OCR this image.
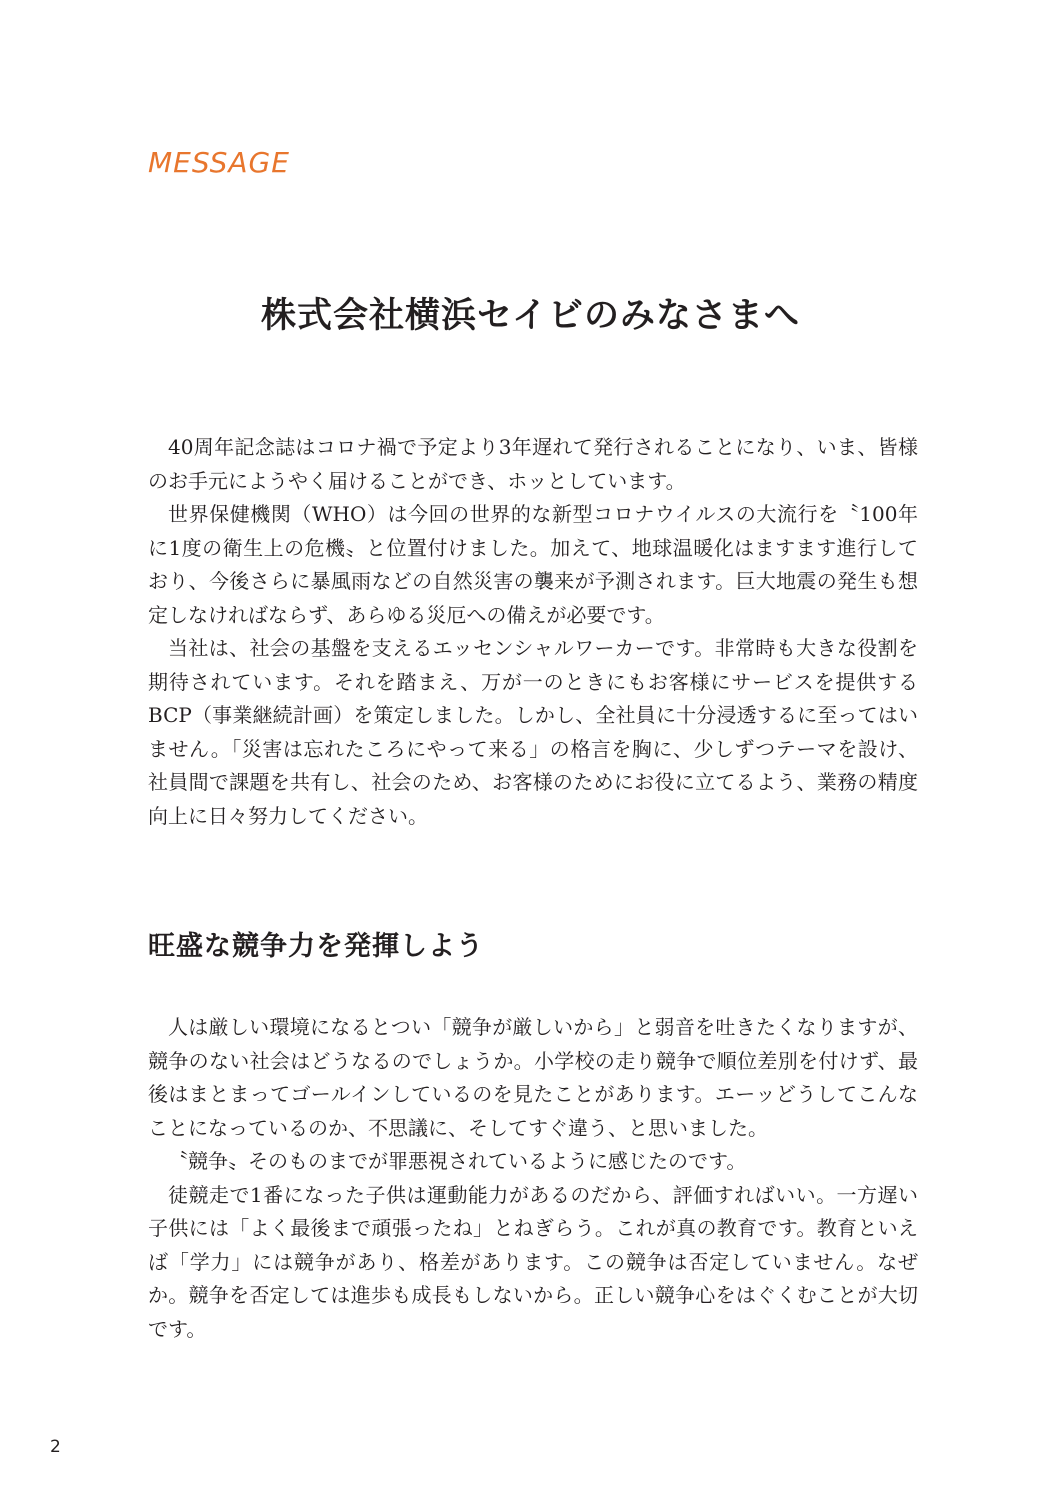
MESSAGE
株式会社横浜セイビのみなさまへ

40周年記念誌はコロナ禍で予定より3年遅れて発行されることになり、いま、皆様のお手元にようやく届けることができ、ホッとしています。

世界保健機関（WHO）は今回の世界的な新型コロナウイルスの大流行を〝100年に1度の衛生上の危機〟と位置付けました。加えて、地球温暖化はますます進行しており、今後さらに暴風雨などの自然災害の襲来が予測されます。巨大地震の発生も想定しなければならず、あらゆる災厄への備えが必要です。

当社は、社会の基盤を支えるエッセンシャルワーカーです。非常時も大きな役割を期待されています。それを踏まえ、万が一のときにもお客様にサービスを提供するBCP（事業継続計画）を策定しました。しかし、全社員に十分浸透するに至ってはいません。「災害は忘れたころにやって来る」の格言を胸に、少しずつテーマを設け、社員間で課題を共有し、社会のため、お客様のためにお役に立てるよう、業務の精度向上に日々努力してください。

旺盛な競争力を発揮しよう

人は厳しい環境になるとつい「競争が厳しいから」と弱音を吐きたくなりますが、競争のない社会はどうなるのでしょうか。小学校の走り競争で順位差別を付けず、最後はまとまってゴールインしているのを見たことがあります。エーッどうしてこんなことになっているのか、不思議に、そしてすぐ違う、と思いました。

〝競争〟そのものまでが罪悪視されているように感じたのです。

徒競走で1番になった子供は運動能力があるのだから、評価すればいい。一方遅い子供には「よく最後まで頑張ったね」とねぎらう。これが真の教育です。教育といえば「学力」には競争があり、格差があります。この競争は否定していません。なぜか。競争を否定しては進歩も成長もしないから。正しい競争心をはぐくむことが大切です。

2
